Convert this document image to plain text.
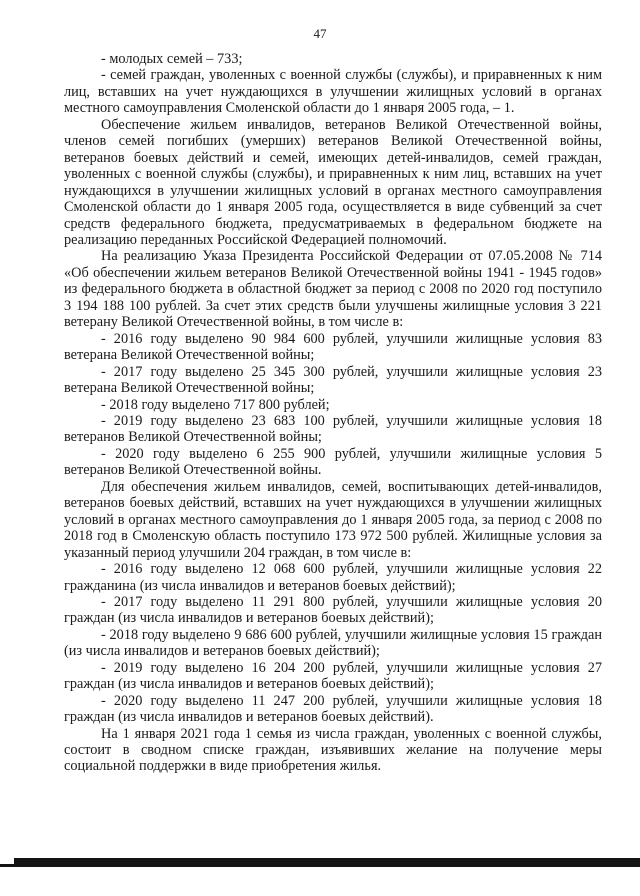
47

- молодых семей – 733;

- семей граждан, уволенных с военной службы (службы), и приравненных к ним лиц, вставших на учет нуждающихся в улучшении жилищных условий в органах местного самоуправления Смоленской области до 1 января 2005 года, – 1.

Обеспечение жильем инвалидов, ветеранов Великой Отечественной войны, членов семей погибших (умерших) ветеранов Великой Отечественной войны, ветеранов боевых действий и семей, имеющих детей-инвалидов, семей граждан, уволенных с военной службы (службы), и приравненных к ним лиц, вставших на учет нуждающихся в улучшении жилищных условий в органах местного самоуправления Смоленской области до 1 января 2005 года, осуществляется в виде субвенций за счет средств федерального бюджета, предусматриваемых в федеральном бюджете на реализацию переданных Российской Федерацией полномочий.

На реализацию Указа Президента Российской Федерации от 07.05.2008 № 714 «Об обеспечении жильем ветеранов Великой Отечественной войны 1941 - 1945 годов» из федерального бюджета в областной бюджет за период с 2008 по 2020 год поступило 3 194 188 100 рублей. За счет этих средств были улучшены жилищные условия 3 221 ветерану Великой Отечественной войны, в том числе в:

- 2016 году выделено 90 984 600 рублей, улучшили жилищные условия 83 ветерана Великой Отечественной войны;

- 2017 году выделено 25 345 300 рублей, улучшили жилищные условия 23 ветерана Великой Отечественной войны;

- 2018 году выделено 717 800 рублей;

- 2019 году выделено 23 683 100 рублей, улучшили жилищные условия 18 ветеранов Великой Отечественной войны;

- 2020 году выделено 6 255 900 рублей, улучшили жилищные условия 5 ветеранов Великой Отечественной войны.

Для обеспечения жильем инвалидов, семей, воспитывающих детей-инвалидов, ветеранов боевых действий, вставших на учет нуждающихся в улучшении жилищных условий в органах местного самоуправления до 1 января 2005 года, за период с 2008 по 2018 год в Смоленскую область поступило 173 972 500 рублей. Жилищные условия за указанный период улучшили 204 граждан, в том числе в:

- 2016 году выделено 12 068 600 рублей, улучшили жилищные условия 22 гражданина (из числа инвалидов и ветеранов боевых действий);

- 2017 году выделено 11 291 800 рублей, улучшили жилищные условия 20 граждан (из числа инвалидов и ветеранов боевых действий);

- 2018 году выделено 9 686 600 рублей, улучшили жилищные условия 15 граждан (из числа инвалидов и ветеранов боевых действий);

- 2019 году выделено 16 204 200 рублей, улучшили жилищные условия 27 граждан (из числа инвалидов и ветеранов боевых действий);

- 2020 году выделено 11 247 200 рублей, улучшили жилищные условия 18 граждан (из числа инвалидов и ветеранов боевых действий).

На 1 января 2021 года 1 семья из числа граждан, уволенных с военной службы, состоит в сводном списке граждан, изъявивших желание на получение меры социальной поддержки в виде приобретения жилья.
